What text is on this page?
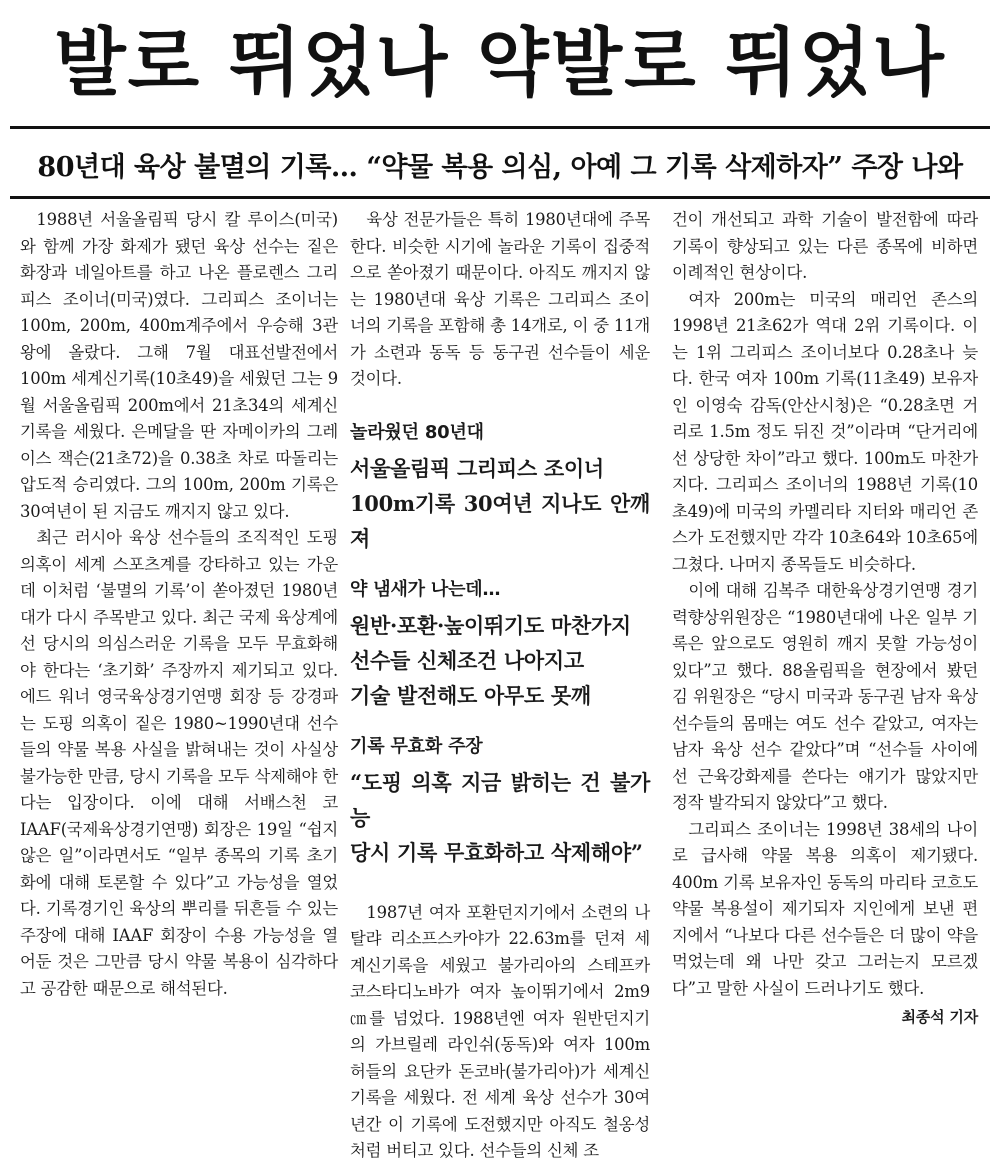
발로 뛰었나 약발로 뛰었나
80년대 육상 불멸의 기록… “약물 복용 의심, 아예 그 기록 삭제하자” 주장 나와

1988년 서울올림픽 당시 칼 루이스(미국)와 함께 가장 화제가 됐던 육상 선수는 짙은 화장과 네일아트를 하고 나온 플로렌스 그리피스 조이너(미국)였다. 그리피스 조이너는 100m, 200m, 400m계주에서 우승해 3관왕에 올랐다. 그해 7월 대표선발전에서 100m 세계신기록(10초49)을 세웠던 그는 9월 서울올림픽 200m에서 21초34의 세계신기록을 세웠다. 은메달을 딴 자메이카의 그레이스 잭슨(21초72)을 0.38초 차로 따돌리는 압도적 승리였다. 그의 100m, 200m 기록은 30여년이 된 지금도 깨지지 않고 있다.

최근 러시아 육상 선수들의 조직적인 도핑 의혹이 세계 스포츠계를 강타하고 있는 가운데 이처럼 ‘불멸의 기록’이 쏟아졌던 1980년대가 다시 주목받고 있다. 최근 국제 육상계에선 당시의 의심스러운 기록을 모두 무효화해야 한다는 ‘초기화’ 주장까지 제기되고 있다. 에드 워너 영국육상경기연맹 회장 등 강경파는 도핑 의혹이 짙은 1980~1990년대 선수들의 약물 복용 사실을 밝혀내는 것이 사실상 불가능한 만큼, 당시 기록을 모두 삭제해야 한다는 입장이다. 이에 대해 서배스천 코 IAAF(국제육상경기연맹) 회장은 19일 “쉽지 않은 일”이라면서도 “일부 종목의 기록 초기화에 대해 토론할 수 있다”고 가능성을 열었다. 기록경기인 육상의 뿌리를 뒤흔들 수 있는 주장에 대해 IAAF 회장이 수용 가능성을 열어둔 것은 그만큼 당시 약물 복용이 심각하다고 공감한 때문으로 해석된다.

육상 전문가들은 특히 1980년대에 주목한다. 비슷한 시기에 놀라운 기록이 집중적으로 쏟아졌기 때문이다. 아직도 깨지지 않는 1980년대 육상 기록은 그리피스 조이너의 기록을 포함해 총 14개로, 이 중 11개가 소련과 동독 등 동구권 선수들이 세운 것이다.

놀라웠던 80년대
서울올림픽 그리피스 조이너
100m기록 30여년 지나도 안깨져
약 냄새가 나는데…
원반·포환·높이뛰기도 마찬가지
선수들 신체조건 나아지고
기술 발전해도 아무도 못깨
기록 무효화 주장
“도핑 의혹 지금 밝히는 건 불가능
당시 기록 무효화하고 삭제해야”

1987년 여자 포환던지기에서 소련의 나탈랴 리소프스카야가 22.63m를 던져 세계신기록을 세웠고 불가리아의 스테프카 코스타디노바가 여자 높이뛰기에서 2m9㎝를 넘었다. 1988년엔 여자 원반던지기의 가브릴레 라인쉬(동독)와 여자 100m 허들의 요단카 돈코바(불가리아)가 세계신기록을 세웠다. 전 세계 육상 선수가 30여년간 이 기록에 도전했지만 아직도 철옹성처럼 버티고 있다. 선수들의 신체 조

건이 개선되고 과학 기술이 발전함에 따라 기록이 향상되고 있는 다른 종목에 비하면 이례적인 현상이다.

여자 200m는 미국의 매리언 존스의 1998년 21초62가 역대 2위 기록이다. 이는 1위 그리피스 조이너보다 0.28초나 늦다. 한국 여자 100m 기록(11초49) 보유자인 이영숙 감독(안산시청)은 “0.28초면 거리로 1.5m 정도 뒤진 것”이라며 “단거리에선 상당한 차이”라고 했다. 100m도 마찬가지다. 그리피스 조이너의 1988년 기록(10초49)에 미국의 카멜리타 지터와 매리언 존스가 도전했지만 각각 10초64와 10초65에 그쳤다. 나머지 종목들도 비슷하다.

이에 대해 김복주 대한육상경기연맹 경기력향상위원장은 “1980년대에 나온 일부 기록은 앞으로도 영원히 깨지 못할 가능성이 있다”고 했다. 88올림픽을 현장에서 봤던 김 위원장은 “당시 미국과 동구권 남자 육상 선수들의 몸매는 여도 선수 같았고, 여자는 남자 육상 선수 같았다”며 “선수들 사이에선 근육강화제를 쓴다는 얘기가 많았지만 정작 발각되지 않았다”고 했다.

그리피스 조이너는 1998년 38세의 나이로 급사해 약물 복용 의혹이 제기됐다. 400m 기록 보유자인 동독의 마리타 코흐도 약물 복용설이 제기되자 지인에게 보낸 편지에서 “나보다 다른 선수들은 더 많이 약을 먹었는데 왜 나만 갖고 그러는지 모르겠다”고 말한 사실이 드러나기도 했다.

최종석 기자
